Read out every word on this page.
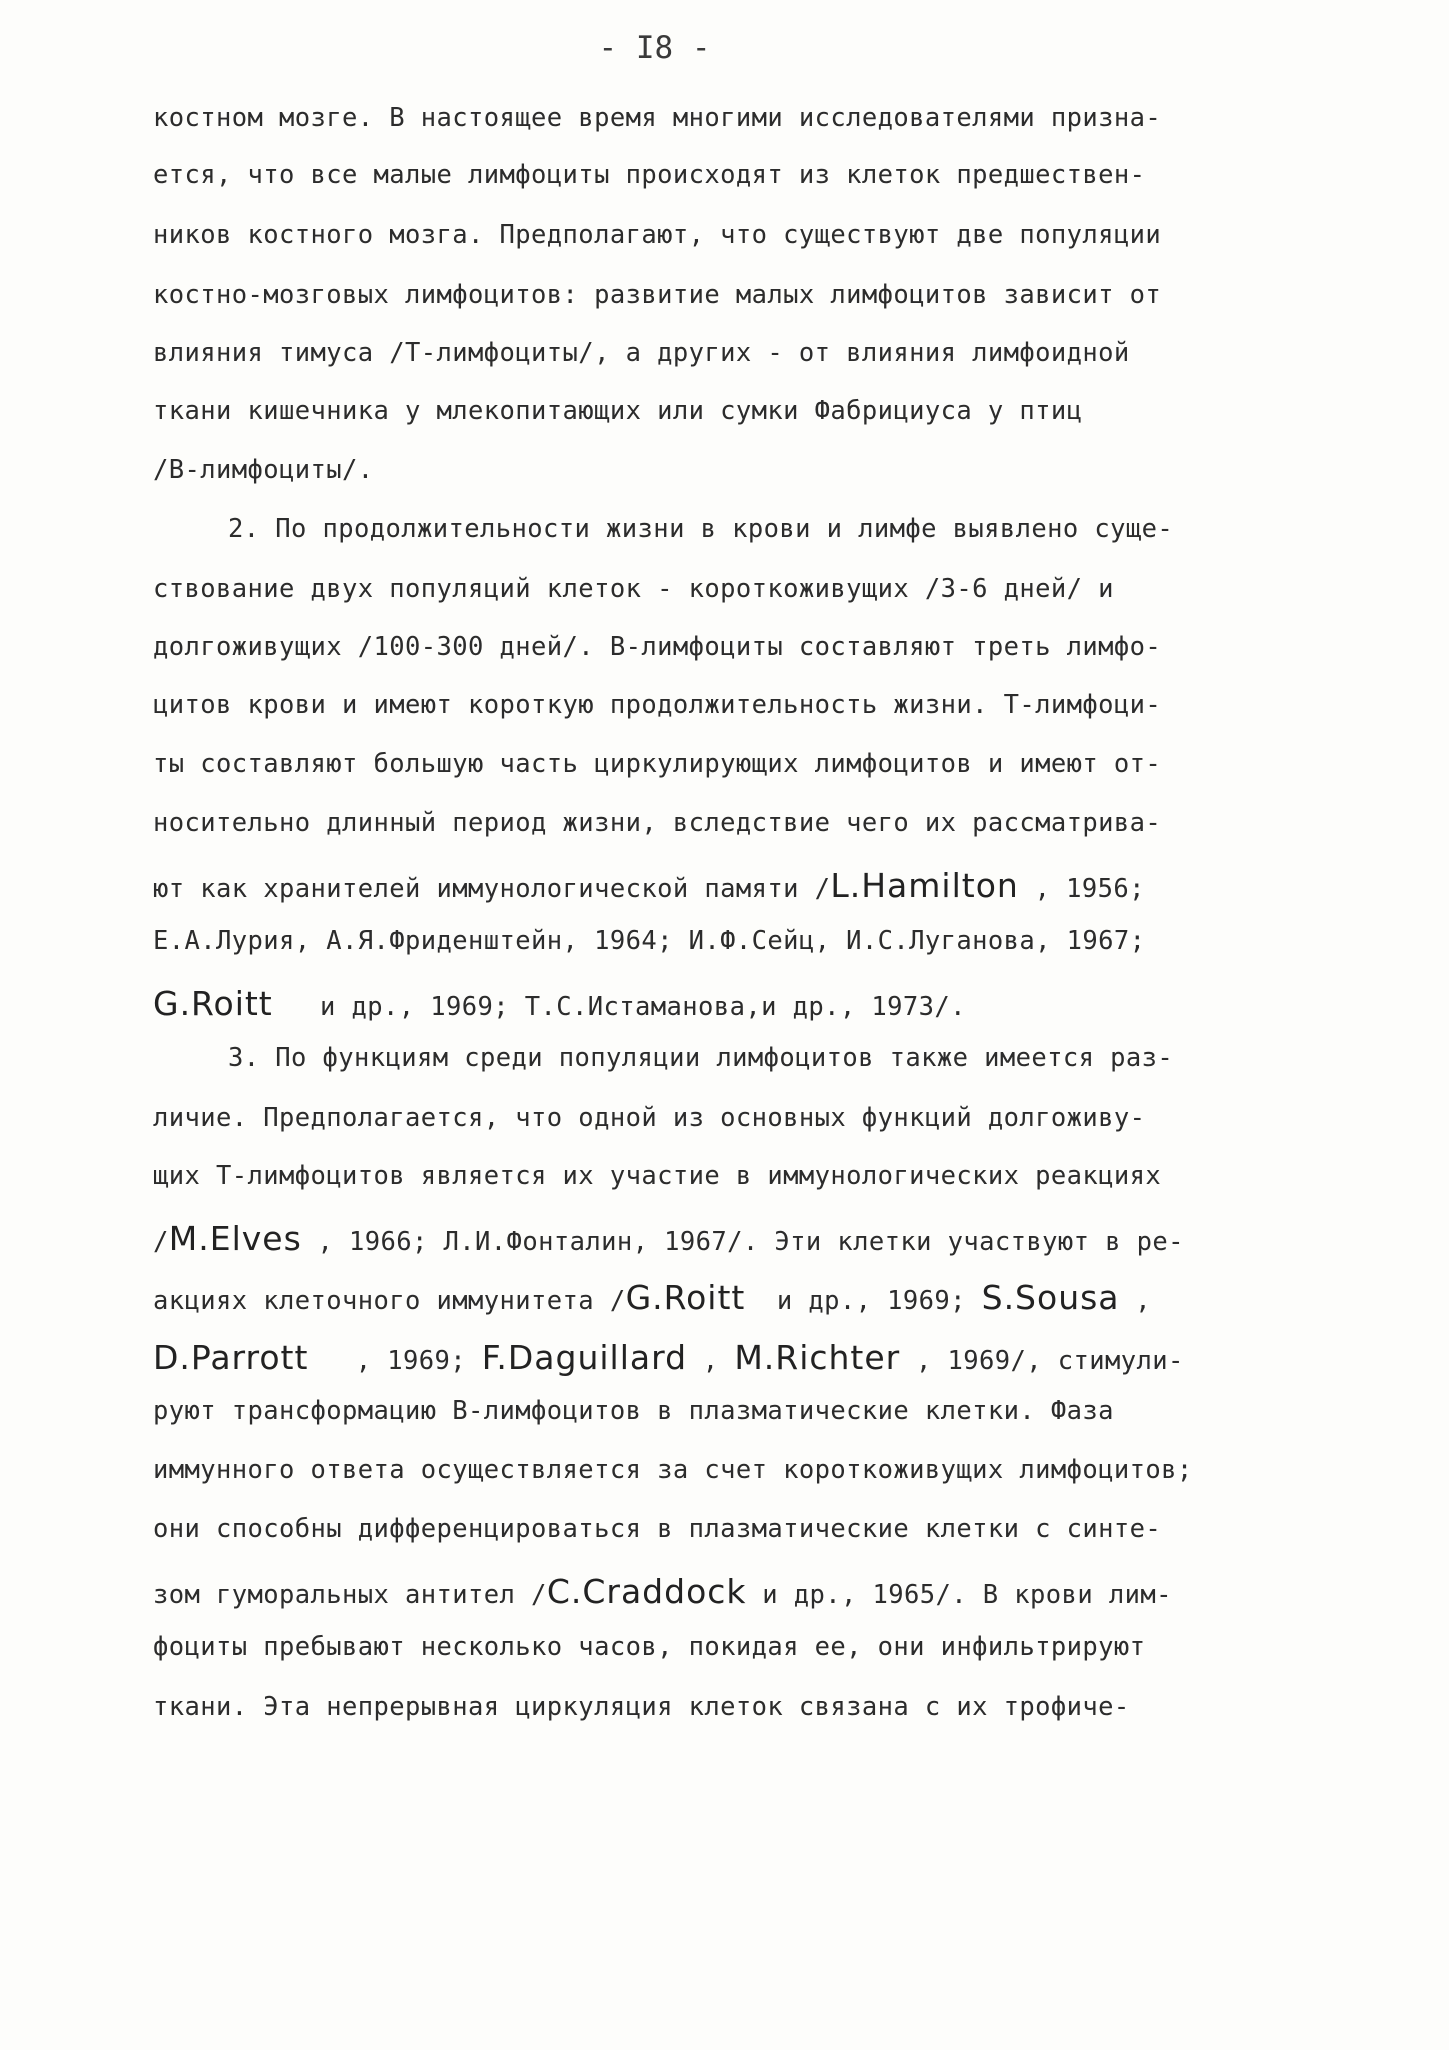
- I8 -
костном мозге. В настоящее время многими исследователями призна-
ется, что все малые лимфоциты происходят из клеток предшествен-
ников костного мозга. Предполагают, что существуют две популяции
костно-мозговых лимфоцитов: развитие малых лимфоцитов зависит от
влияния тимуса /Т-лимфоциты/, а других - от влияния лимфоидной
ткани кишечника у млекопитающих или сумки Фабрициуса у птиц
/В-лимфоциты/.
2. По продолжительности жизни в крови и лимфе выявлено суще-
ствование двух популяций клеток - короткоживущих /3-6 дней/ и
долгоживущих /100-300 дней/. В-лимфоциты составляют треть лимфо-
цитов крови и имеют короткую продолжительность жизни. Т-лимфоци-
ты составляют большую часть циркулирующих лимфоцитов и имеют от-
носительно длинный период жизни, вследствие чего их рассматрива-
ют как хранителей иммунологической памяти /L.Hamilton , 1956;
Е.А.Лурия, А.Я.Фриденштейн, 1964; И.Ф.Сейц, И.С.Луганова, 1967;
G.Roitt   и др., 1969; Т.С.Истаманова,и др., 1973/.
3. По функциям среди популяции лимфоцитов также имеется раз-
личие. Предполагается, что одной из основных функций долгоживу-
щих Т-лимфоцитов является их участие в иммунологических реакциях
/M.Elves , 1966; Л.И.Фонталин, 1967/. Эти клетки участвуют в ре-
акциях клеточного иммунитета /G.Roitt  и др., 1969; S.Sousa ,
D.Parrott   , 1969; F.Daguillard , M.Richter , 1969/, стимули-
руют трансформацию В-лимфоцитов в плазматические клетки. Фаза
иммунного ответа осуществляется за счет короткоживущих лимфоцитов;
они способны дифференцироваться в плазматические клетки с синте-
зом гуморальных антител /C.Craddock и др., 1965/. В крови лим-
фоциты пребывают несколько часов, покидая ее, они инфильтрируют
ткани. Эта непрерывная циркуляция клеток связана с их трофиче-
